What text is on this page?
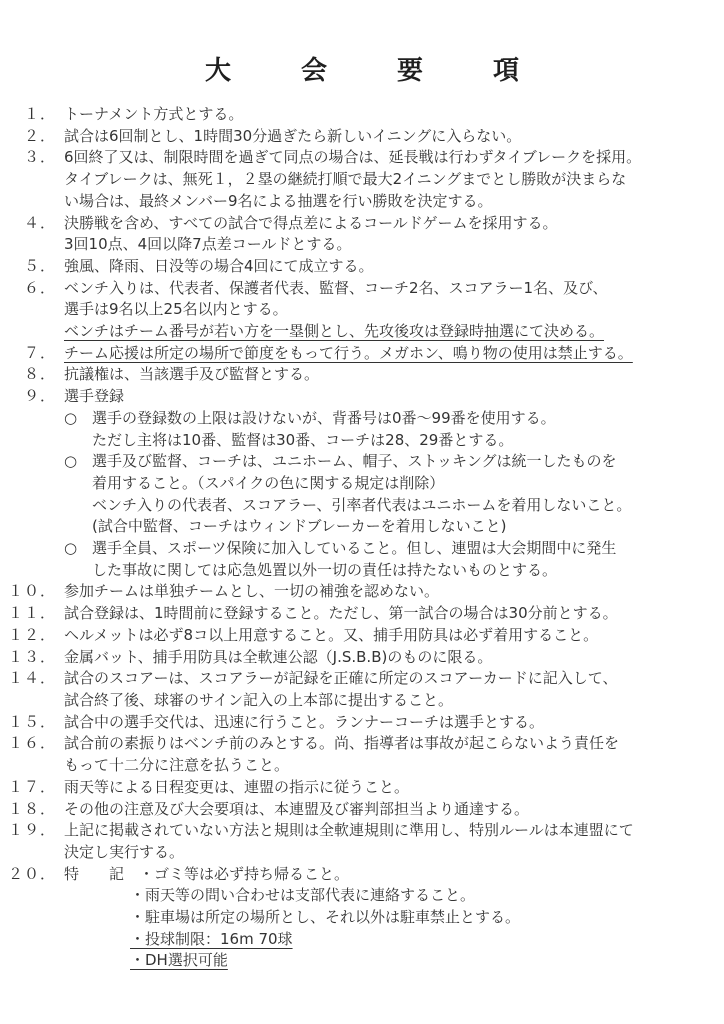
大会要項
１． トーナメント方式とする。
２． 試合は6回制とし、1時間30分過ぎたら新しいイニングに入らない。
３． 6回終了又は、制限時間を過ぎて同点の場合は、延長戦は行わずタイブレークを採用。
タイブレークは、無死１，２塁の継続打順で最大2イニングまでとし勝敗が決まらな
い場合は、最終メンバー9名による抽選を行い勝敗を決定する。
４． 決勝戦を含め、すべての試合で得点差によるコールドゲームを採用する。
3回10点、4回以降7点差コールドとする。
５． 強風、降雨、日没等の場合4回にて成立する。
６． ベンチ入りは、代表者、保護者代表、監督、コーチ2名、スコアラー1名、及び、
選手は9名以上25名以内とする。
ベンチはチーム番号が若い方を一塁側とし、先攻後攻は登録時抽選にて決める。
７． チーム応援は所定の場所で節度をもって行う。メガホン、鳴り物の使用は禁止する。
８． 抗議権は、当該選手及び監督とする。
９． 選手登録
○ 選手の登録数の上限は設けないが、背番号は0番～99番を使用する。
ただし主将は10番、監督は30番、コーチは28、29番とする。
○ 選手及び監督、コーチは、ユニホーム、帽子、ストッキングは統一したものを
着用すること。（スパイクの色に関する規定は削除）
ベンチ入りの代表者、スコアラー、引率者代表はユニホームを着用しないこと。
(試合中監督、コーチはウィンドブレーカーを着用しないこと)
○ 選手全員、スポーツ保険に加入していること。但し、連盟は大会期間中に発生
した事故に関しては応急処置以外一切の責任は持たないものとする。
１０． 参加チームは単独チームとし、一切の補強を認めない。
１１． 試合登録は、1時間前に登録すること。ただし、第一試合の場合は30分前とする。
１２． ヘルメットは必ず8コ以上用意すること。又、捕手用防具は必ず着用すること。
１３． 金属バット、捕手用防具は全軟連公認（J.S.B.B)のものに限る。
１４． 試合のスコアーは、スコアラーが記録を正確に所定のスコアーカードに記入して、
試合終了後、球審のサイン記入の上本部に提出すること。
１５． 試合中の選手交代は、迅速に行うこと。ランナーコーチは選手とする。
１６． 試合前の素振りはベンチ前のみとする。尚、指導者は事故が起こらないよう責任を
もって十二分に注意を払うこと。
１７． 雨天等による日程変更は、連盟の指示に従うこと。
１８． その他の注意及び大会要項は、本連盟及び審判部担当より通達する。
１９． 上記に掲載されていない方法と規則は全軟連規則に準用し、特別ルールは本連盟にて
決定し実行する。
２０． 特　　記　・ゴミ等は必ず持ち帰ること。
・雨天等の問い合わせは支部代表に連絡すること。
・駐車場は所定の場所とし、それ以外は駐車禁止とする。
・投球制限：16m 70球
・DH選択可能
